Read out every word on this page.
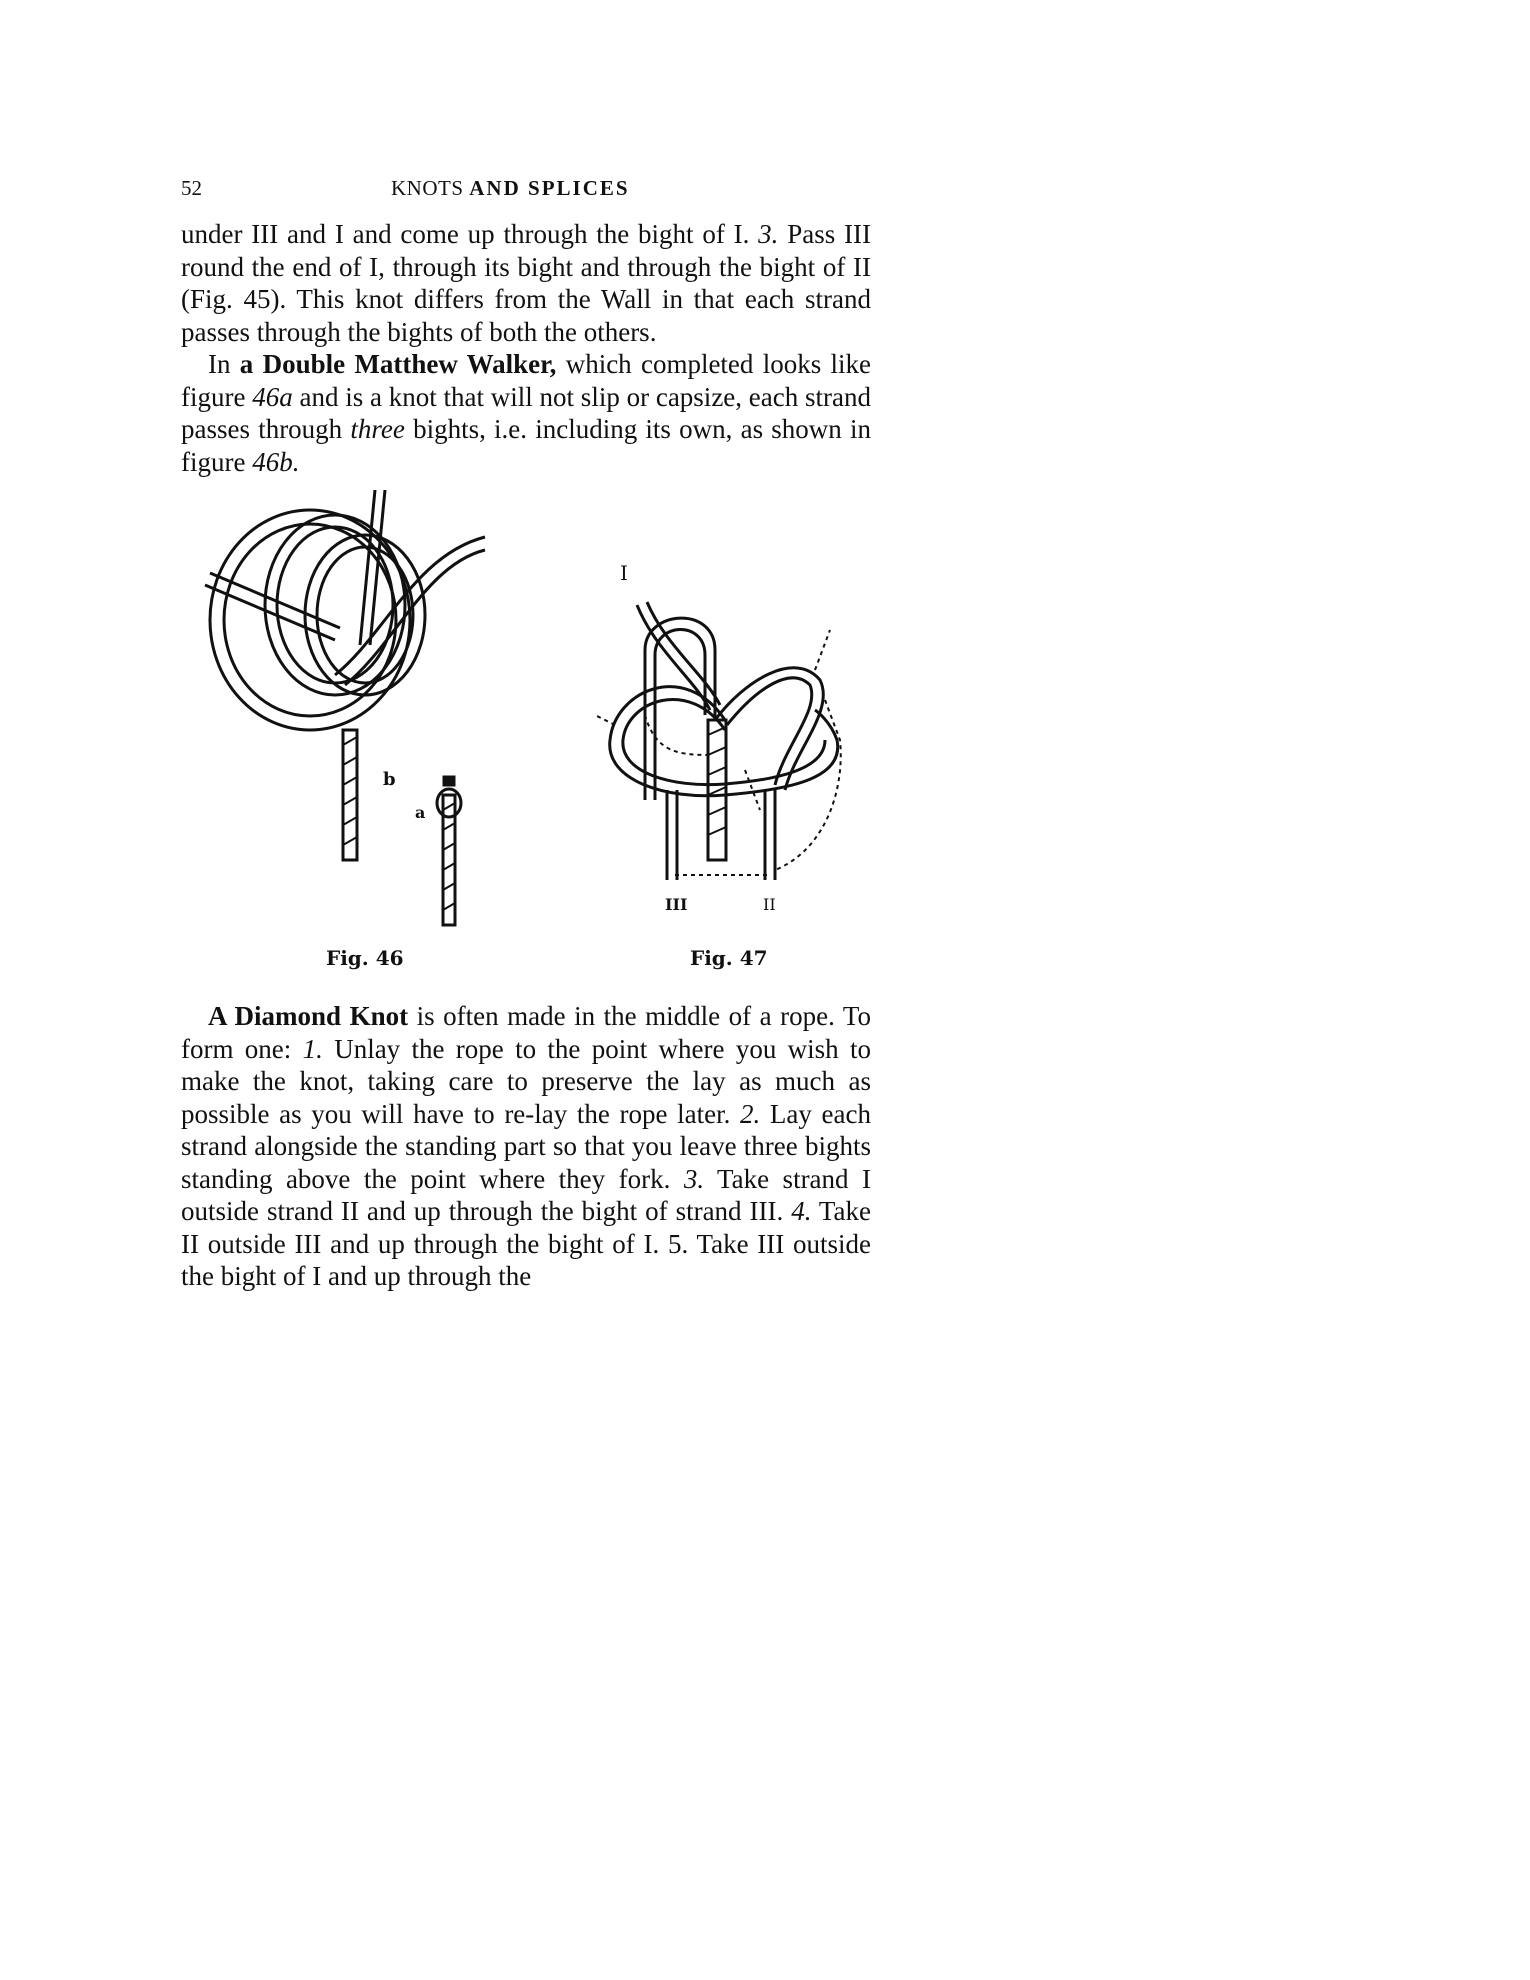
52	KNOTS AND SPLICES

under III and I and come up through the bight of I. 3. Pass III round the end of I, through its bight and through the bight of II (Fig. 45). This knot differs from the Wall in that each strand passes through the bights of both the others.

In a Double Matthew Walker, which completed looks like figure 46a and is a knot that will not slip or capsize, each strand passes through three bights, i.e. including its own, as shown in figure 46b.

b
a
Fig. 46
I
III	II
Fig. 47

A Diamond Knot is often made in the middle of a rope. To form one: 1. Unlay the rope to the point where you wish to make the knot, taking care to preserve the lay as much as possible as you will have to re-lay the rope later. 2. Lay each strand alongside the standing part so that you leave three bights standing above the point where they fork. 3. Take strand I outside strand II and up through the bight of strand III. 4. Take II outside III and up through the bight of I. 5. Take III outside the bight of I and up through the
